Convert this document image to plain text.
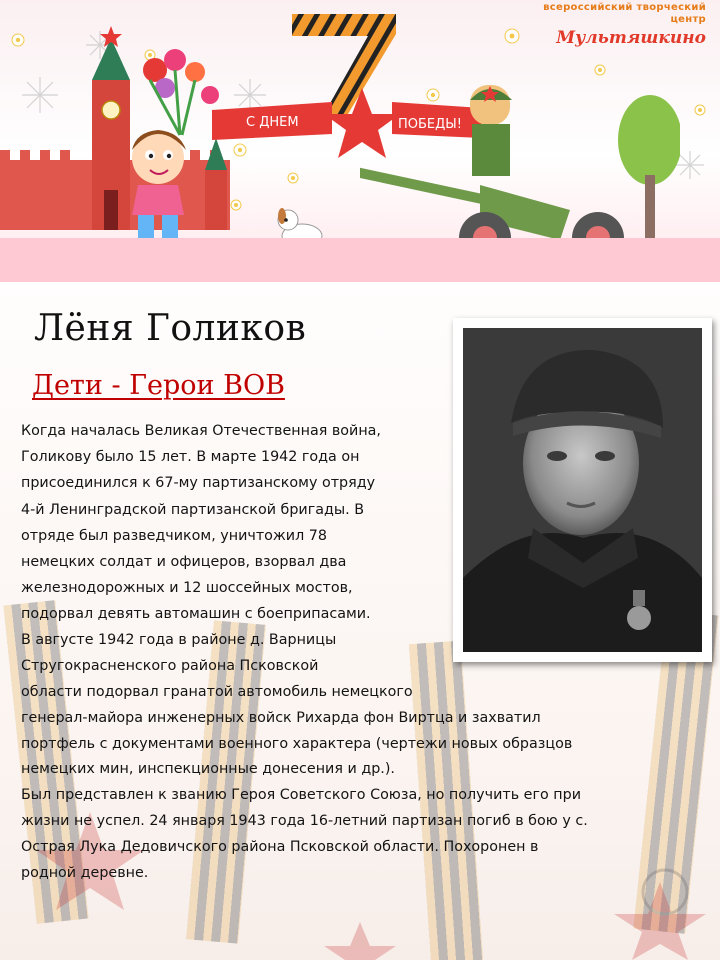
С ДНЕМ	ПОБЕДЫ!
всероссийский творческий
центр
Мультяшкино
Лёня Голиков
Дети - Герои ВОВ
Когда началась Великая Отечественная война,
Голикову было 15 лет. В марте 1942 года он
присоединился к 67-му партизанскому отряду
4-й Ленинградской партизанской бригады. В
отряде был разведчиком, уничтожил 78
немецких солдат и офицеров, взорвал два
железнодорожных и 12 шоссейных мостов,
подорвал девять автомашин с боеприпасами.
В августе 1942 года в районе д. Варницы
Стругокрасненского района Псковской
области подорвал гранатой автомобиль немецкого
генерал-майора инженерных войск Рихарда фон Виртца и захватил
портфель с документами военного характера (чертежи новых образцов
немецких мин, инспекционные донесения и др.).
Был представлен к званию Героя Советского Союза, но получить его при
жизни не успел. 24 января 1943 года 16-летний партизан погиб в бою у с.
Острая Лука Дедовичского района Псковской области. Похоронен в
родной деревне.
